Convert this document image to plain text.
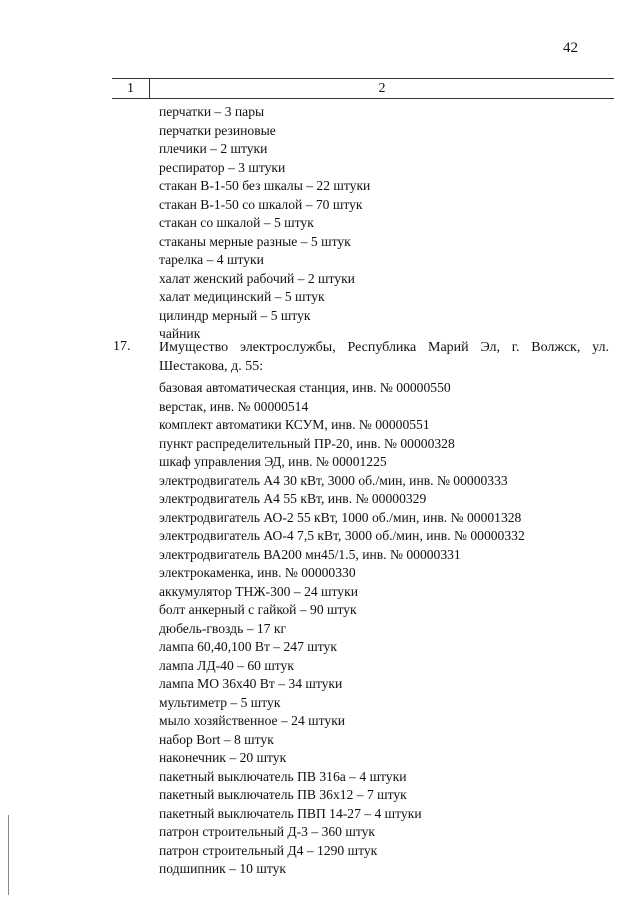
42
1	2
перчатки – 3 пары
перчатки резиновые
плечики – 2 штуки
респиратор – 3 штуки
стакан В-1-50 без шкалы – 22 штуки
стакан В-1-50 со шкалой – 70 штук
стакан со шкалой – 5 штук
стаканы мерные разные – 5 штук
тарелка – 4 штуки
халат женский рабочий – 2 штуки
халат медицинский – 5 штук
цилиндр мерный – 5 штук
чайник
17. Имущество электрослужбы, Республика Марий Эл, г. Волжск, ул. Шестакова, д. 55:
базовая автоматическая станция, инв. № 00000550
верстак, инв. № 00000514
комплект автоматики КСУМ, инв. № 00000551
пункт распределительный ПР-20, инв. № 00000328
шкаф управления ЭД, инв. № 00001225
электродвигатель А4 30 кВт, 3000 об./мин, инв. № 00000333
электродвигатель А4 55 кВт, инв. № 00000329
электродвигатель АО-2 55 кВт, 1000 об./мин, инв. № 00001328
электродвигатель АО-4 7,5 кВт, 3000 об./мин, инв. № 00000332
электродвигатель ВА200 мн45/1.5, инв. № 00000331
электрокаменка, инв. № 00000330
аккумулятор ТНЖ-300 – 24 штуки
болт анкерный с гайкой – 90 штук
дюбель-гвоздь – 17 кг
лампа 60,40,100 Вт – 247 штук
лампа ЛД-40 – 60 штук
лампа МО 36х40 Вт – 34 штуки
мультиметр – 5 штук
мыло хозяйственное – 24 штуки
набор Bort – 8 штук
наконечник – 20 штук
пакетный выключатель ПВ 316а – 4 штуки
пакетный выключатель ПВ 36х12 – 7 штук
пакетный выключатель ПВП 14-27 – 4 штуки
патрон строительный Д-3 – 360 штук
патрон строительный Д4 – 1290 штук
подшипник – 10 штук
